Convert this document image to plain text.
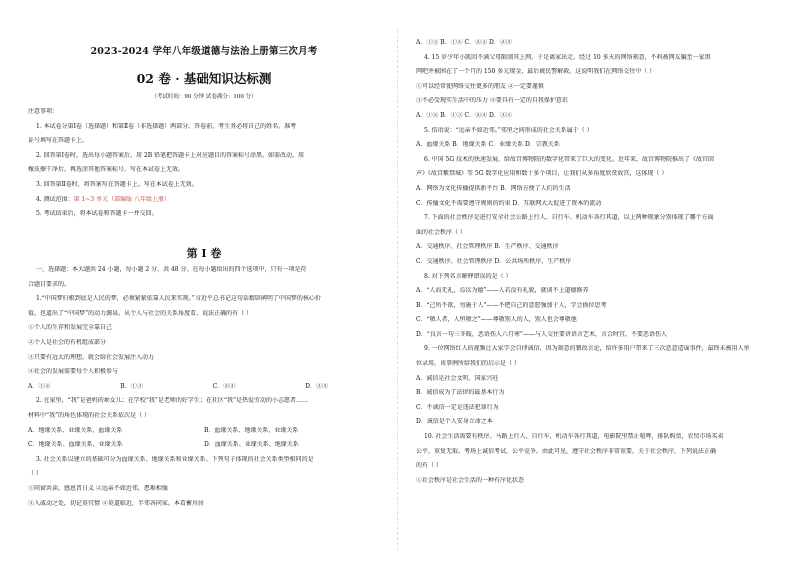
2023-2024 学年八年级道德与法治上册第三次月考
02 卷 · 基础知识达标测
（考试时间：90 分钟 试卷满分：100 分）
注意事项：
1. 本试卷分第Ⅰ卷（选择题）和第Ⅱ卷（非选择题）两部分。答卷前，考生务必将自己的姓名、准考
证号填写在答题卡上。
2. 回答第Ⅰ卷时，选出每小题答案后，用 2B 铅笔把答题卡上对应题目的答案标号涂黑。如需改动，用
橡皮擦干净后，再选涂其他答案标号。写在本试卷上无效。
3. 回答第Ⅱ卷时，将答案写在答题卡上。写在本试卷上无效。
4. 测试范围：第 1~3 单元（部编版 八年级上册）
5. 考试结束后，将本试卷和答题卡一并交回。
第 Ⅰ 卷
一、选择题：本大题共 24 小题，每小题 2 分，共 48 分。在每小题给出的四个选项中，只有一项是符
合题目要求的。
1.“中国梦归根到底是人民的梦，必须紧紧依靠人民来实现。”习近平总书记这句话精辟阐明了中国梦的核心价
值，也道出了“中国梦”的动力源泉。从个人与社会的关系角度看，说法正确的有（ ）
①个人的生存和发展完全靠自己
②个人是社会的有机组成部分
③只要有远大的理想，就会给社会发展注入动力
④社会的发展需要每个人积极参与
A．①②	B．①③	C．②④	D．③④
2. 在家里，“我”是爸妈的乖女儿；在学校“我”是老师的好学生；在社区“我”是热爱劳动的小志愿者……
材料中“我”的角色体现的社会关系依次是（ ）
A．地缘关系、业缘关系、血缘关系	B．血缘关系、地缘关系、业缘关系
C．地缘关系、血缘关系、业缘关系	D．血缘关系、业缘关系、地缘关系
3. 社会关系以建立的基础可分为血缘关系、地缘关系和业缘关系。下列句子体现的社会关系类型相同的是
（ ）
①同窗共读，感恩昔日义 ②远亲不如近邻，患难相恤
③入戚动之处，切记莫宜情 ④莫道临近，半邻各同家。本看蓄舟居
A．①③ B．①④ C．②③ D．②④
4. 15 岁少年小凯因不满父母限制其上网，于是离家出走。经过 10 多天的网络刻意，不料被网友骗至一家黑
网吧并被困在了一个月的 150 多元现金，最后被民警解救。这说明我们在网络交往中（ ）
①可以经常使网络交往更多的朋友 ②一定要谨慎
③不必受现实生活中的压力 ④要具有一定的自我保护意识
A．①② B．①③ C．②④ D．③④
5. 俗语说：“远亲不如近邻。”邻里之间形成的社会关系属于（ ）
A．血缘关系 B．地缘关系 C．业缘关系 D．宗教关系
6. 中国 5G 技术的快速发展，给故宫博物院的数字化带来了巨大的变化。近年来，故宫博物院推出了《故宫回
声》《故宫紫禁城》等 5G 数字化应用和数十多个项目，让我们从多角度欣赏故宫，这体现（ ）
A．网络为文化传播提供新平台 B．网络方便了人们的生活
C．传播文化不需要遵守规则的约束 D．互联网大大促进了资本的流动
7. 下面的社会秩序是进行安全社会公路上行人、自行车、机动车各行其道，以上两种现象分别体现了哪个方面
面的社会秩序（ ）
A．交通秩序、社会管理秩序 B．生产秩序、交通秩序
C．交通秩序、社会管理秩序 D．公共场所秩序、生产秩序
8. 对下列名言解释错误的是（ ）
A．“人而无礼，焉以为德”——人若没有礼貌，就谈不上道德修养
B．“己所不欲，勿施于人”——不把自己的意愿强加于人，学会换位思考
C．“敬人者，人恒敬之”——尊敬别人的人，别人也会尊敬他
D．“良言一句三冬暖，恶语伤人六月寒”——与人交往要讲语言艺术，言合时宜，不要恶语伤人
9. 一位网络红人的视频让大家学会自律诚信，因为刻意的篡改言论，给许多用户带来了三次恶意造谣事件，最终未被用人单
位录用。该事例所给我们的启示是（ ）
A．诚信是社会文明、国家兴旺
B．诚信成为了法律的最基本行为
C．不诚信一定是违法犯罪行为
D．诚信是个人安身立命之本
10. 社会生活需要有秩序。马路上行人、自行车、机动车各行其道，电影院里禁止喧哗，排队购票，农贸市场买卖
公平，重复无取。考场上诚信考试，公平竞争。由此可见，遵守社会秩序非常重要，关于社会秩序，下列说法正确
的有（ ）
①社会秩序是社会生活的一种有序化状态
